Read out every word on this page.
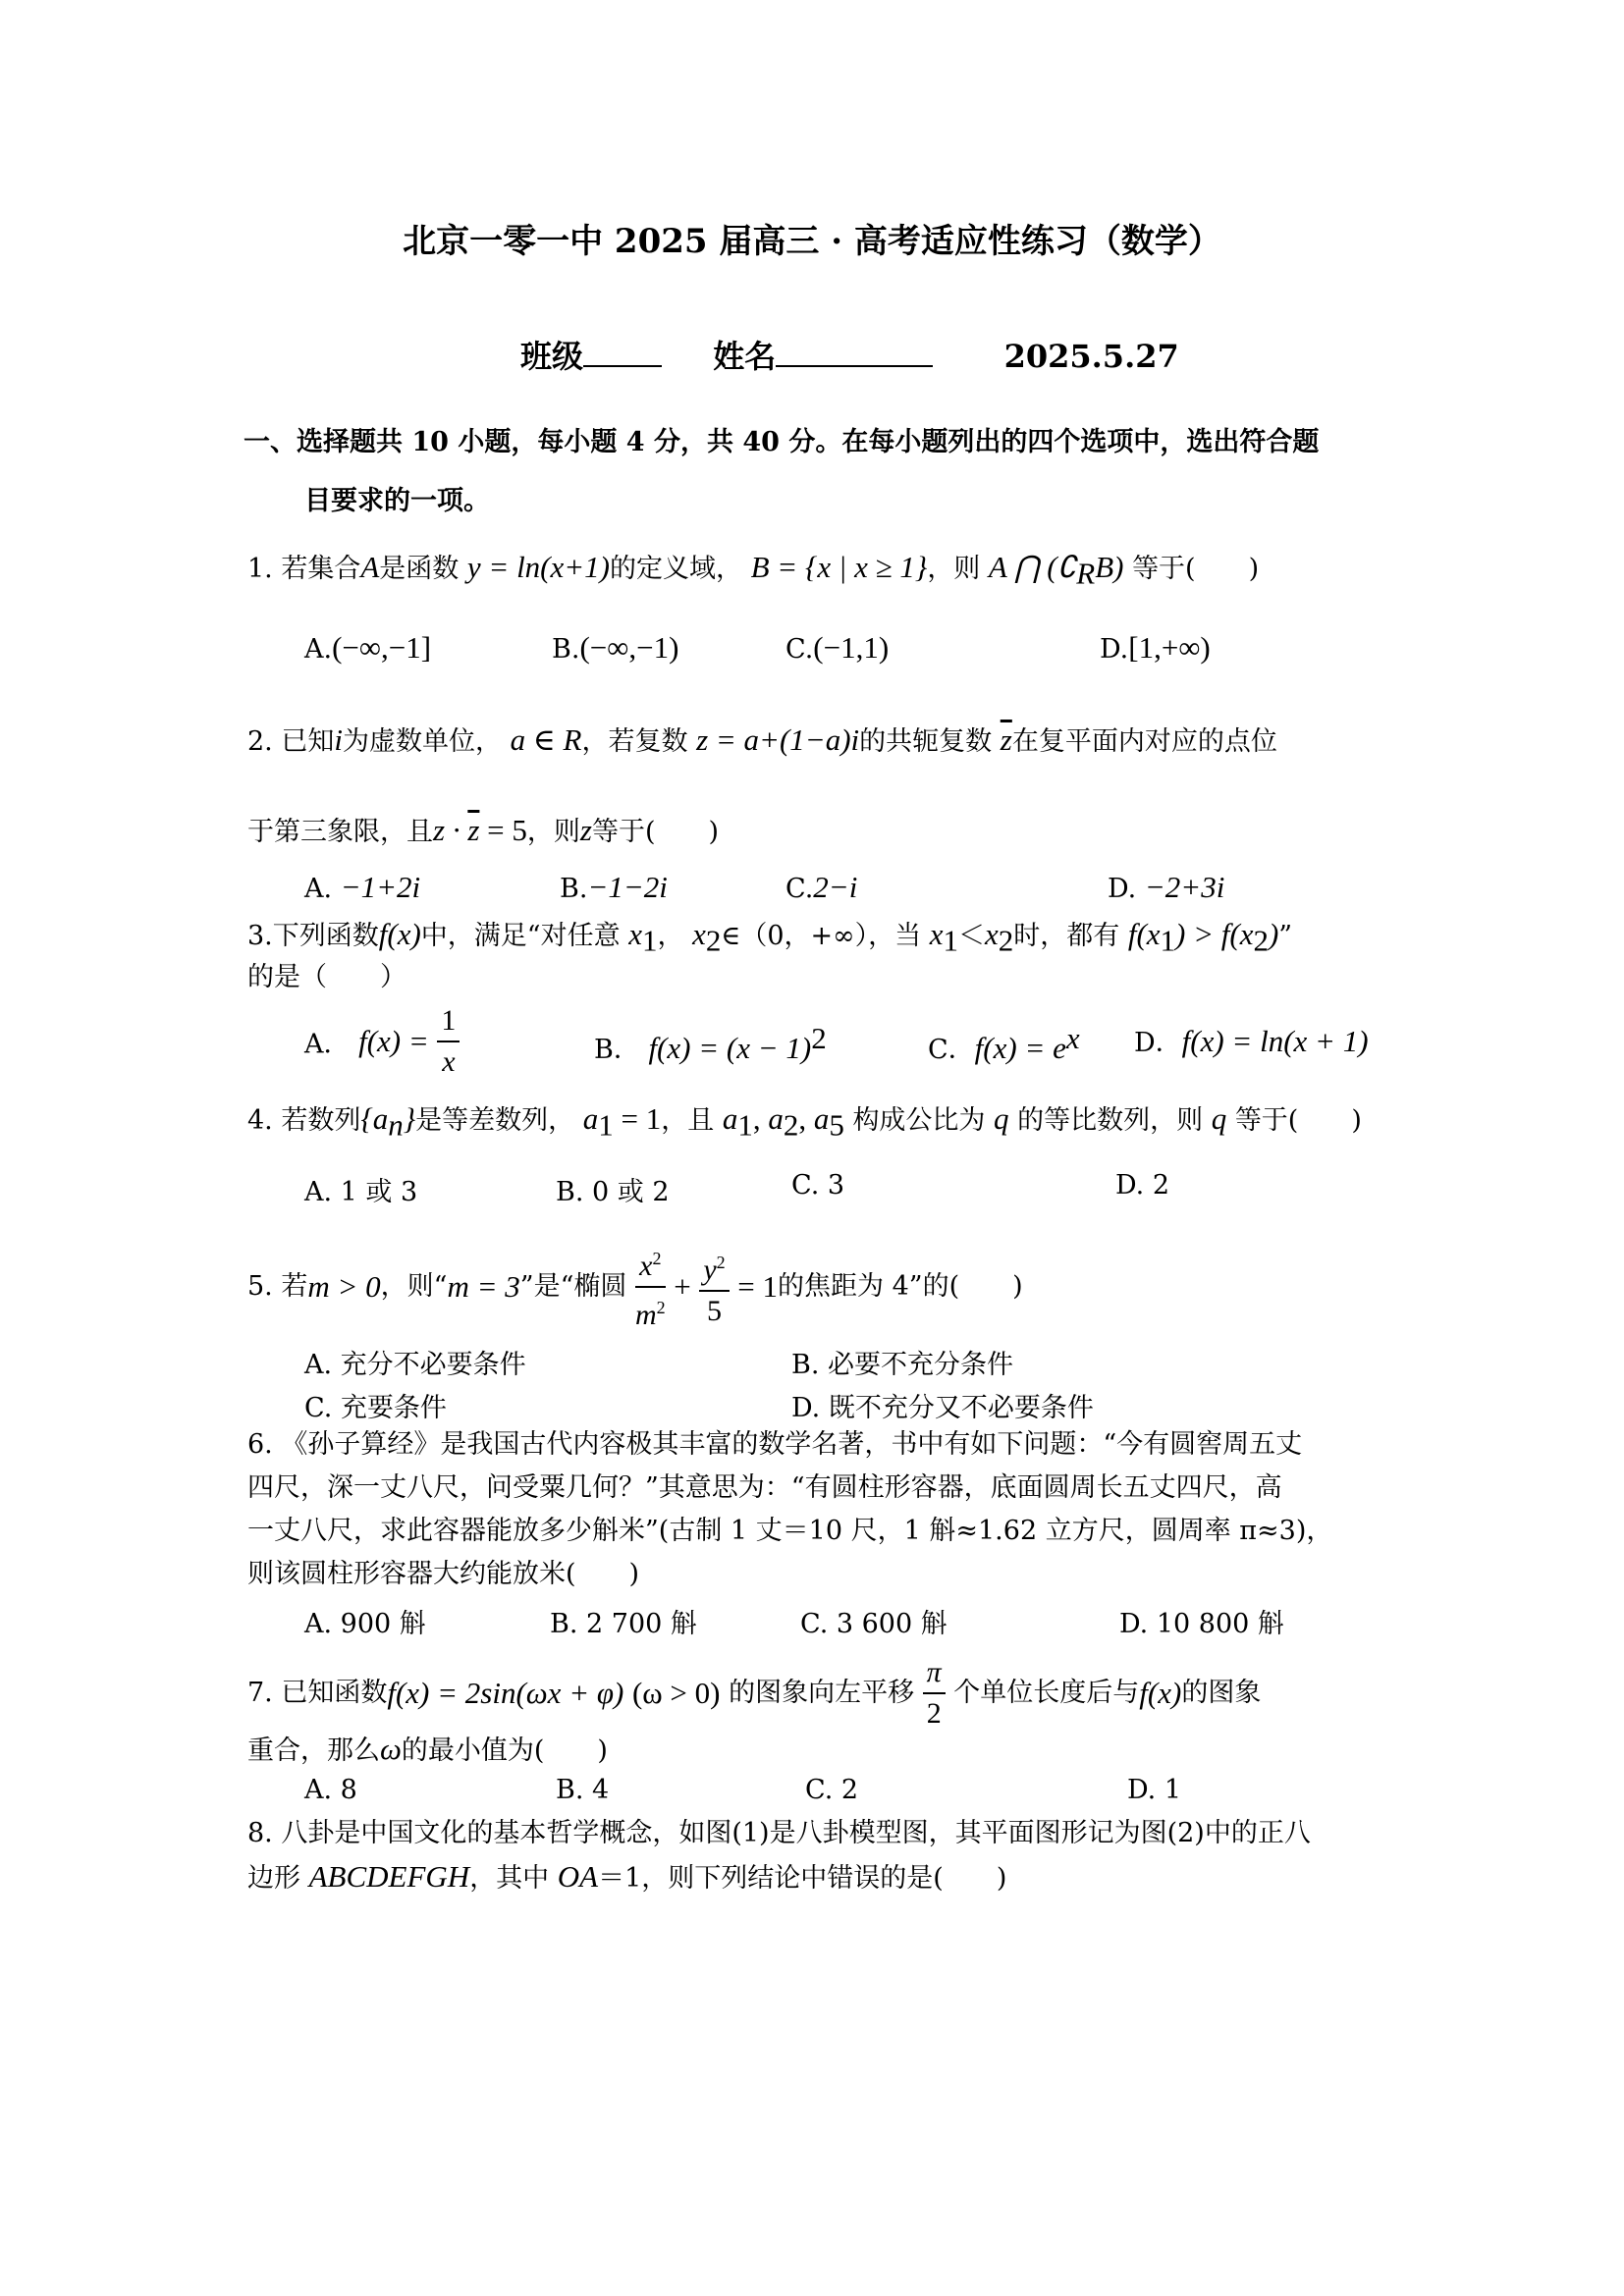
北京一零一中 2025 届高三 · 高考适应性练习（数学）
班级	姓名	2025.5.27
一、选择题共 10 小题，每小题 4 分，共 40 分。在每小题列出的四个选项中，选出符合题
目要求的一项。
1. 若集合A是函数 y = ln(x+1)的定义域， B = {x | x ≥ 1}，则 A ⋂ $(∁_RB)$ 等于(　　)
A.(−∞,−1]	B.(−∞,−1)	C.(−1,1)	D.[1,+∞)
2. 已知i为虚数单位， a ∈ R，若复数 z = a+(1−a)i的共轭复数 $\overline{z}$在复平面内对应的点位
于第三象限，且$z \cdot \overline{z} = 5$，则z等于(　　)
A. −1+2i	B.−1−2i	C.2−i	D. −2+3i
3.下列函数f(x)中，满足“对任意 $x_1$， $x_2\in(0$，+∞），当 $x_1<x_2$时，都有 $f(x_1) > f(x_2)$”
的是（　　）
A． $f(x) = \frac{1}{x}$	B． $f(x) = (x - 1)^2$	C．$f(x) = e^x$ D．f(x) = ln(x + 1)
4. 若数列$\{a_n\}$是等差数列， $a_1 = 1$，且 $a_1$, $a_2$, $a_5$ 构成公比为 q 的等比数列，则 q 等于(　　)
A. 1 或 3	B. 0 或 2	C. 3	D. 2
5. 若m > 0，则“m = 3”是“椭圆 $\frac{x^2}{m^2} + \frac{y^2}{5} = 1$的焦距为 4”的(　　)
A. 充分不必要条件	B. 必要不充分条件
C. 充要条件	D. 既不充分又不必要条件
6. 《孙子算经》是我国古代内容极其丰富的数学名著，书中有如下问题：“今有圆窖周五丈
四尺，深一丈八尺，问受粟几何？”其意思为：“有圆柱形容器，底面圆周长五丈四尺，高
一丈八尺，求此容器能放多少斛米”(古制 1 丈＝10 尺，1 斛≈1.62 立方尺，圆周率 π≈3)，
则该圆柱形容器大约能放米(　　)
A. 900 斛	B. 2 700 斛	C. 3 600 斛	D. 10 800 斛
7. 已知函数f(x) = 2sin(ωx + φ) (ω > 0) 的图象向左平移 $\frac{\pi}{2}$ 个单位长度后与f(x)的图象
重合，那么ω的最小值为(　　)
A. 8	B. 4	C. 2	D. 1
8. 八卦是中国文化的基本哲学概念，如图(1)是八卦模型图，其平面图形记为图(2)中的正八
边形 ABCDEFGH，其中 OA＝1，则下列结论中错误的是(　　)
